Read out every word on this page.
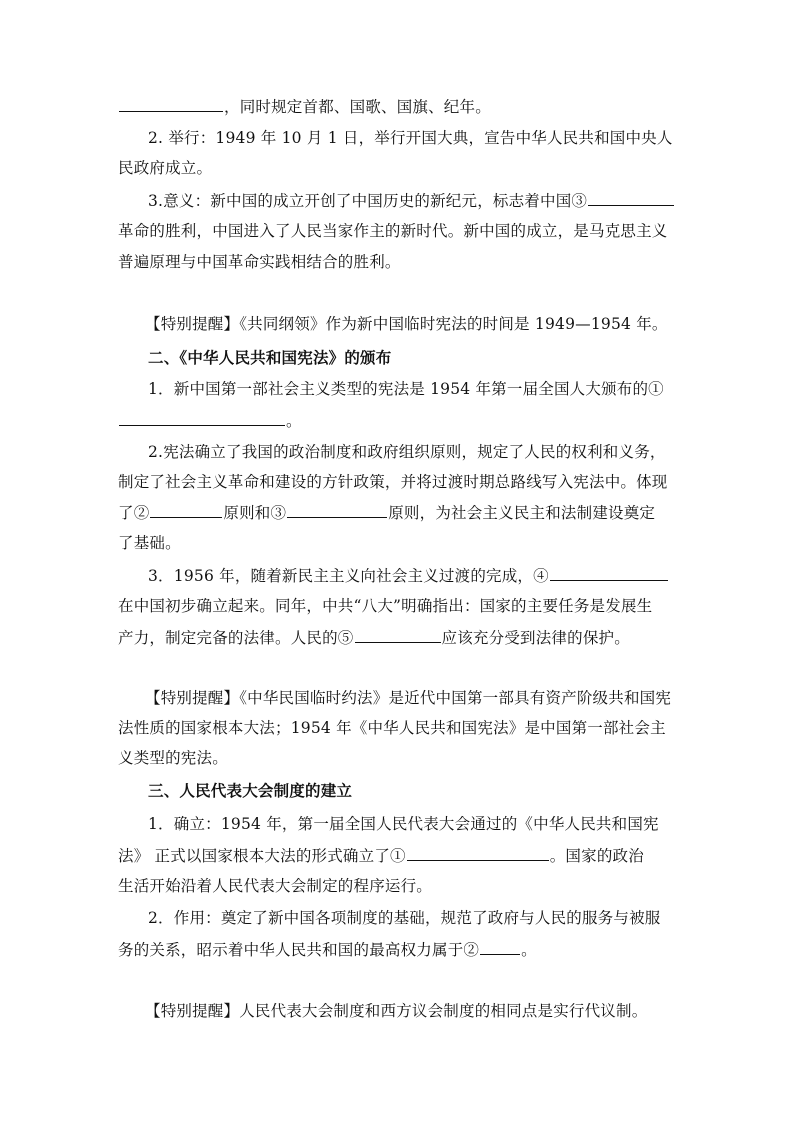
，同时规定首都、国歌、国旗、纪年。
2. 举行：1949 年 10 月 1 日，举行开国大典，宣告中华人民共和国中央人
民政府成立。
3.意义：新中国的成立开创了中国历史的新纪元，标志着中国③
革命的胜利，中国进入了人民当家作主的新时代。新中国的成立，是马克思主义
普遍原理与中国革命实践相结合的胜利。
【特别提醒】《共同纲领》作为新中国临时宪法的时间是 1949—1954 年。
二、《中华人民共和国宪法》的颁布
1．新中国第一部社会主义类型的宪法是 1954 年第一届全国人大颁布的①
。
2.宪法确立了我国的政治制度和政府组织原则，规定了人民的权利和义务，
制定了社会主义革命和建设的方针政策，并将过渡时期总路线写入宪法中。体现
了②	原则和③	原则，为社会主义民主和法制建设奠定
了基础。
3．1956 年，随着新民主主义向社会主义过渡的完成，④
在中国初步确立起来。同年，中共“八大”明确指出：国家的主要任务是发展生
产力，制定完备的法律。人民的⑤	应该充分受到法律的保护。
【特别提醒】《中华民国临时约法》是近代中国第一部具有资产阶级共和国宪
法性质的国家根本大法；1954 年《中华人民共和国宪法》是中国第一部社会主
义类型的宪法。
三、人民代表大会制度的建立
1．确立：1954 年，第一届全国人民代表大会通过的《中华人民共和国宪
法》 正式以国家根本大法的形式确立了①	。国家的政治
生活开始沿着人民代表大会制定的程序运行。
2．作用：奠定了新中国各项制度的基础，规范了政府与人民的服务与被服
务的关系，昭示着中华人民共和国的最高权力属于②	。
【特别提醒】人民代表大会制度和西方议会制度的相同点是实行代议制。
